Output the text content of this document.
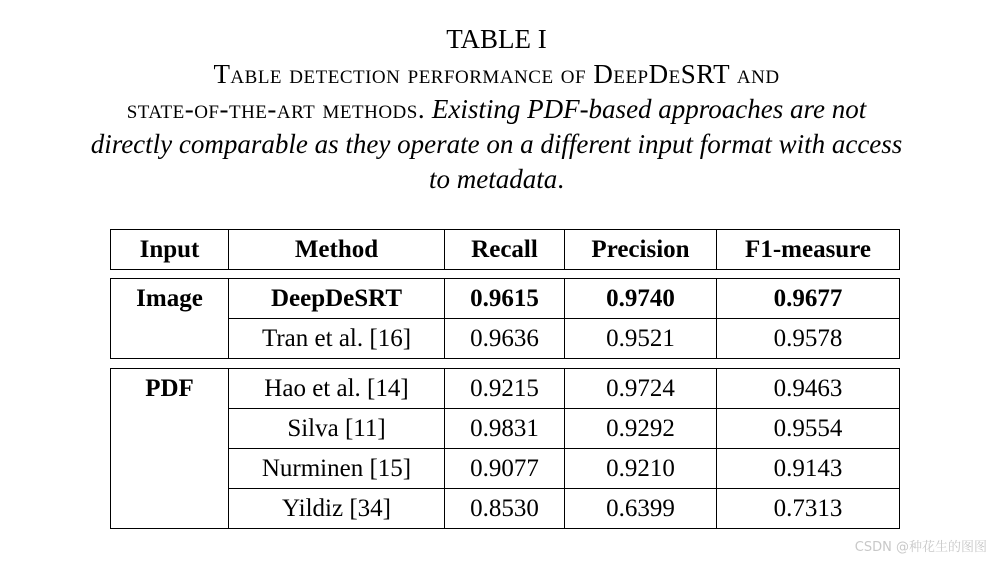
TABLE I
Table detection performance of DeepDeSRT and
state-of-the-art methods. Existing PDF-based approaches are not
directly comparable as they operate on a different input format with access
to metadata.
Input	Method	Recall	Precision	F1-measure
Image	DeepDeSRT	0.9615	0.9740	0.9677
	Tran et al. [16]	0.9636	0.9521	0.9578
PDF	Hao et al. [14]	0.9215	0.9724	0.9463
	Silva [11]	0.9831	0.9292	0.9554
	Nurminen [15]	0.9077	0.9210	0.9143
	Yildiz [34]	0.8530	0.6399	0.7313
CSDN @种花生的图图
